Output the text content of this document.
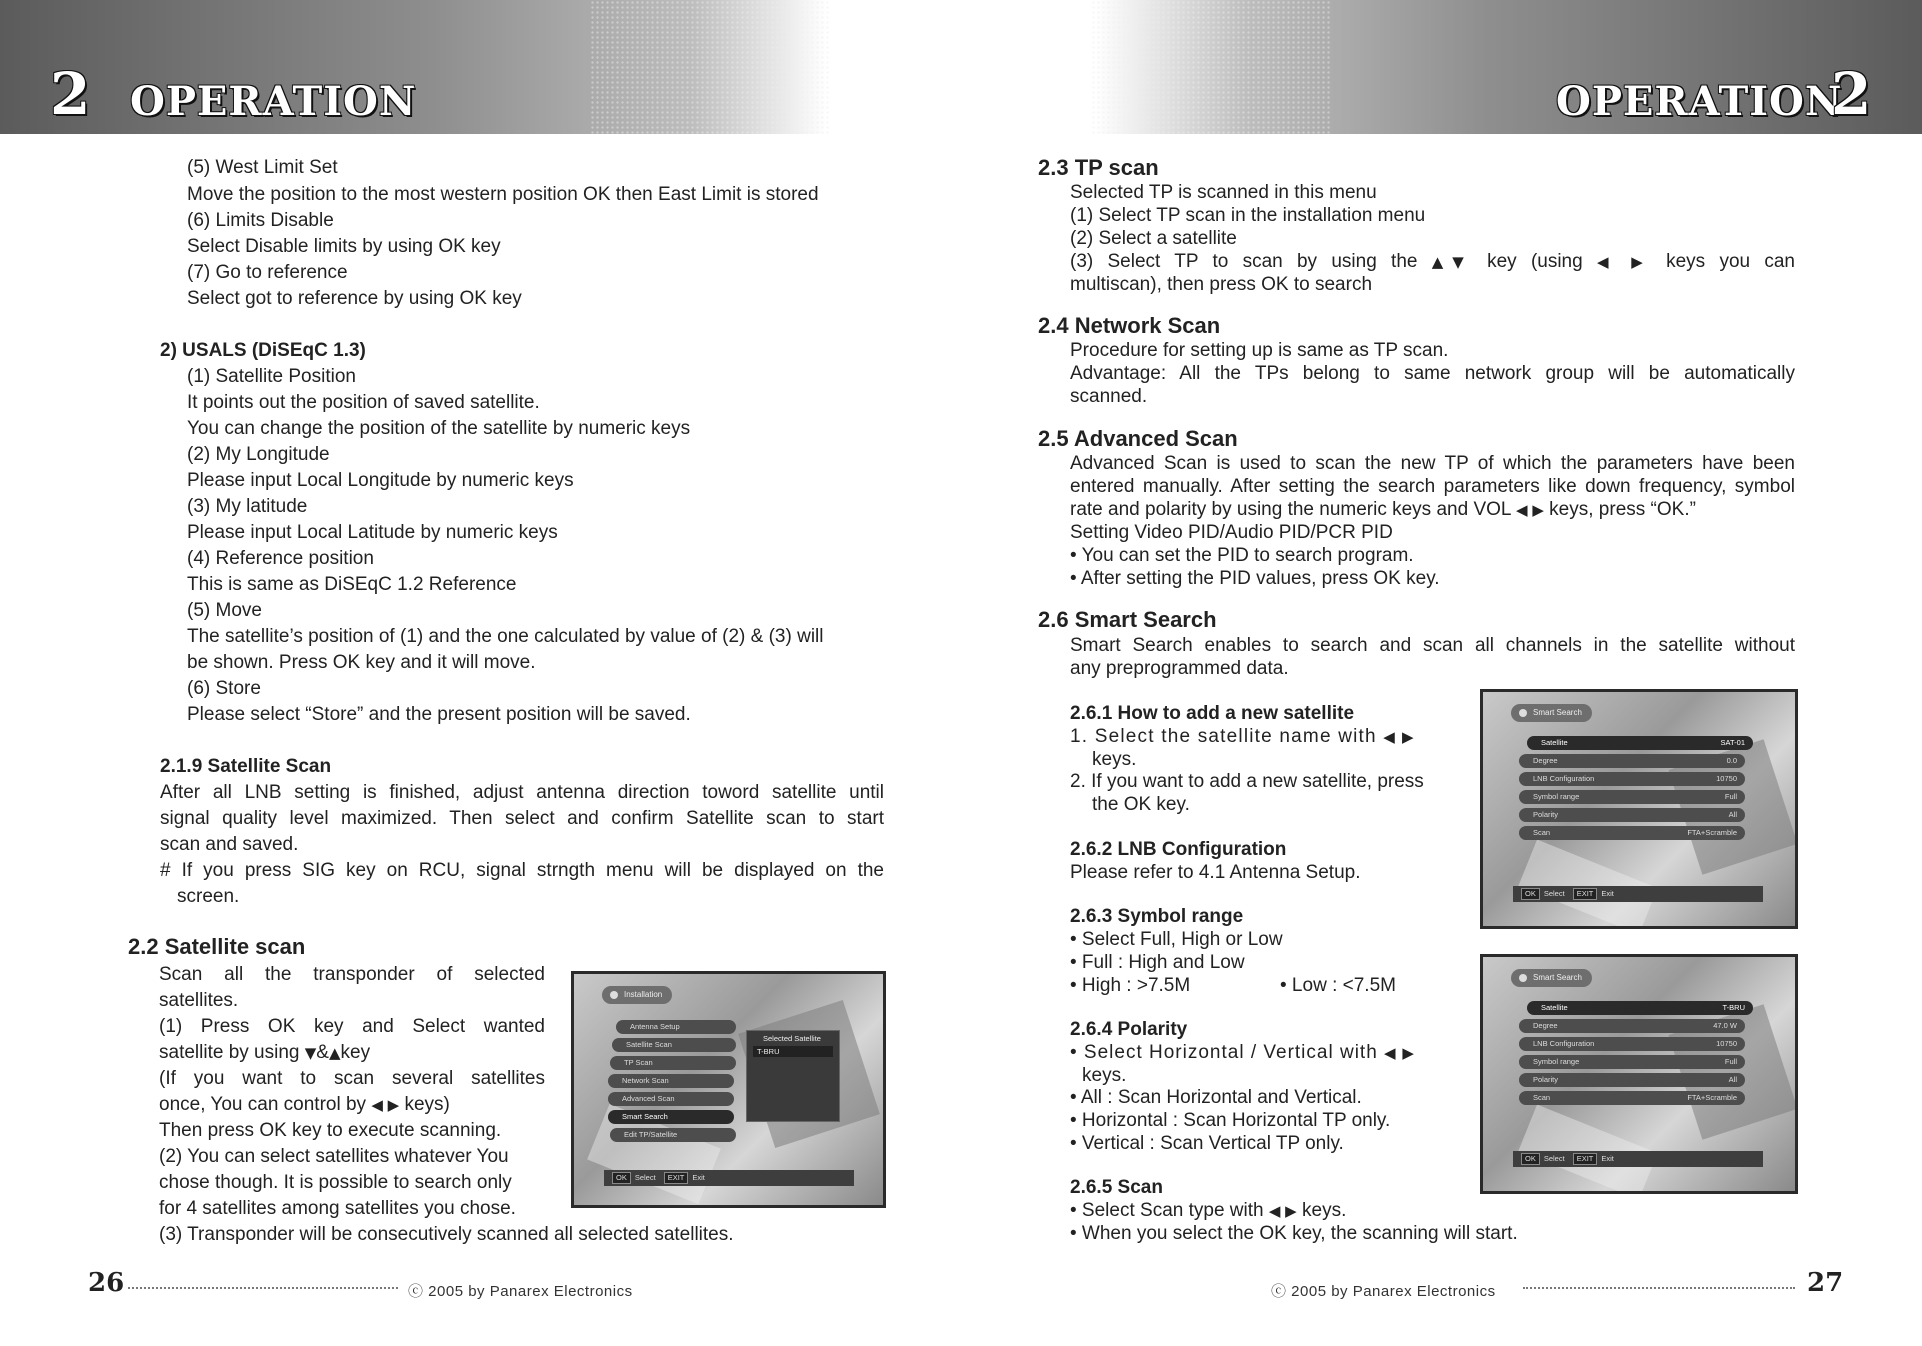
2 OPERATION
(5) West Limit Set
Move the position to the most western position OK then East Limit is stored
(6) Limits Disable
Select Disable limits by using OK key
(7) Go to reference
Select got to reference by using OK key
2) USALS (DiSEqC 1.3)
(1) Satellite Position
It points out the position of saved satellite.
You can change the position of the satellite by numeric keys
(2) My Longitude
Please input Local Longitude by numeric keys
(3) My latitude
Please input Local Latitude by numeric keys
(4) Reference position
This is same as DiSEqC 1.2 Reference
(5) Move
The satellite’s position of (1) and the one calculated by value of (2) & (3) will
be shown. Press OK key and it will move.
(6) Store
Please select “Store” and the present position will be saved.
2.1.9 Satellite Scan
After all LNB setting is finished, adjust antenna direction toword satellite until
signal quality level maximized. Then select and confirm Satellite scan to start
scan and saved.
# If you press SIG key on RCU, signal strngth menu will be displayed on the
screen.
2.2 Satellite scan
Scan all the transponder of selected
satellites.
(1) Press OK key and Select wanted
satellite by using ▼&▲key
(If you want to scan several satellites
once, You can control by ◀ ▶ keys)
Then press OK key to execute scanning.
(2) You can select satellites whatever You
chose though. It is possible to search only
for 4 satellites among satellites you chose.
(3) Transponder will be consecutively scanned all selected satellites.
Installation
Antenna Setup
Satellite Scan
TP Scan
Network Scan
Advanced Scan
Smart Search
Edit TP/Satellite
Selected Satellite
T-BRU
OK Select EXIT Exit
26	ⓒ 2005 by Panarex Electronics
OPERATION
2
2.3 TP scan
Selected TP is scanned in this menu
(1) Select TP scan in the installation menu
(2) Select a satellite
(3) Select TP to scan by using the ▲▼ key (using ◀ ▶ keys you can
multiscan), then press OK to search
2.4 Network Scan
Procedure for setting up is same as TP scan.
Advantage: All the TPs belong to same network group will be automatically
scanned.
2.5 Advanced Scan
Advanced Scan is used to scan the new TP of which the parameters have been
entered manually. After setting the search parameters like down frequency, symbol
rate and polarity by using the numeric keys and VOL ◀ ▶ keys, press “OK.”
Setting Video PID/Audio PID/PCR PID
• You can set the PID to search program.
• After setting the PID values, press OK key.
2.6 Smart Search
Smart Search enables to search and scan all channels in the satellite without
any preprogrammed data.
2.6.1 How to add a new satellite
1. Select the satellite name with ◀ ▶
keys.
2. If you want to add a new satellite, press
the OK key.
2.6.2 LNB Configuration
Please refer to 4.1 Antenna Setup.
2.6.3 Symbol range
• Select Full, High or Low
• Full : High and Low
• High : >7.5M	• Low : <7.5M
2.6.4 Polarity
• Select Horizontal / Vertical with ◀ ▶
keys.
• All : Scan Horizontal and Vertical.
• Horizontal : Scan Horizontal TP only.
• Vertical : Scan Vertical TP only.
2.6.5 Scan
• Select Scan type with ◀ ▶ keys.
• When you select the OK key, the scanning will start.
Smart Search
Satellite	SAT-01
Degree	0.0
LNB Configuration	10750
Symbol range	Full
Polarity	All
Scan	FTA+Scramble
OK Select EXIT Exit
Smart Search
Satellite	T-BRU
Degree	47.0 W
LNB Configuration	10750
Symbol range	Full
Polarity	All
Scan	FTA+Scramble
OK Select EXIT Exit
ⓒ 2005 by Panarex Electronics	27
